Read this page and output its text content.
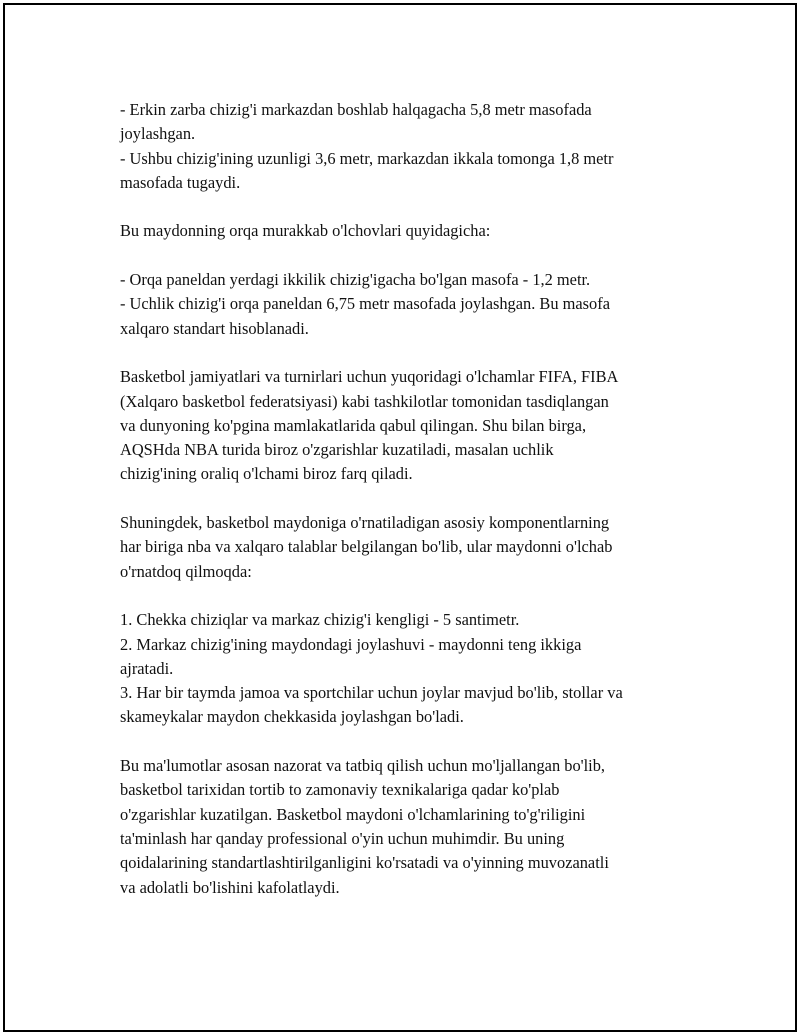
- Erkin zarba chizig'i markazdan boshlab halqagacha 5,8 metr masofada
joylashgan.
- Ushbu chizig'ining uzunligi 3,6 metr, markazdan ikkala tomonga 1,8 metr
masofada tugaydi.

Bu maydonning orqa murakkab o'lchovlari quyidagicha:

- Orqa paneldan yerdagi ikkilik chizig'igacha bo'lgan masofa - 1,2 metr.
- Uchlik chizig'i orqa paneldan 6,75 metr masofada joylashgan. Bu masofa
xalqaro standart hisoblanadi.

Basketbol jamiyatlari va turnirlari uchun yuqoridagi o'lchamlar FIFA, FIBA
(Xalqaro basketbol federatsiyasi) kabi tashkilotlar tomonidan tasdiqlangan
va dunyoning ko'pgina mamlakatlarida qabul qilingan. Shu bilan birga,
AQSHda NBA turida biroz o'zgarishlar kuzatiladi, masalan uchlik
chizig'ining oraliq o'lchami biroz farq qiladi.

Shuningdek, basketbol maydoniga o'rnatiladigan asosiy komponentlarning
har biriga nba va xalqaro talablar belgilangan bo'lib, ular maydonni o'lchab
o'rnatdoq qilmoqda:

1. Chekka chiziqlar va markaz chizig'i kengligi - 5 santimetr.
2. Markaz chizig'ining maydondagi joylashuvi - maydonni teng ikkiga
ajratadi.
3. Har bir taymda jamoa va sportchilar uchun joylar mavjud bo'lib, stollar va
skameykalar maydon chekkasida joylashgan bo'ladi.

Bu ma'lumotlar asosan nazorat va tatbiq qilish uchun mo'ljallangan bo'lib,
basketbol tarixidan tortib to zamonaviy texnikalariga qadar ko'plab
o'zgarishlar kuzatilgan. Basketbol maydoni o'lchamlarining to'g'riligini
ta'minlash har qanday professional o'yin uchun muhimdir. Bu uning
qoidalarining standartlashtirilganligini ko'rsatadi va o'yinning muvozanatli
va adolatli bo'lishini kafolatlaydi.
